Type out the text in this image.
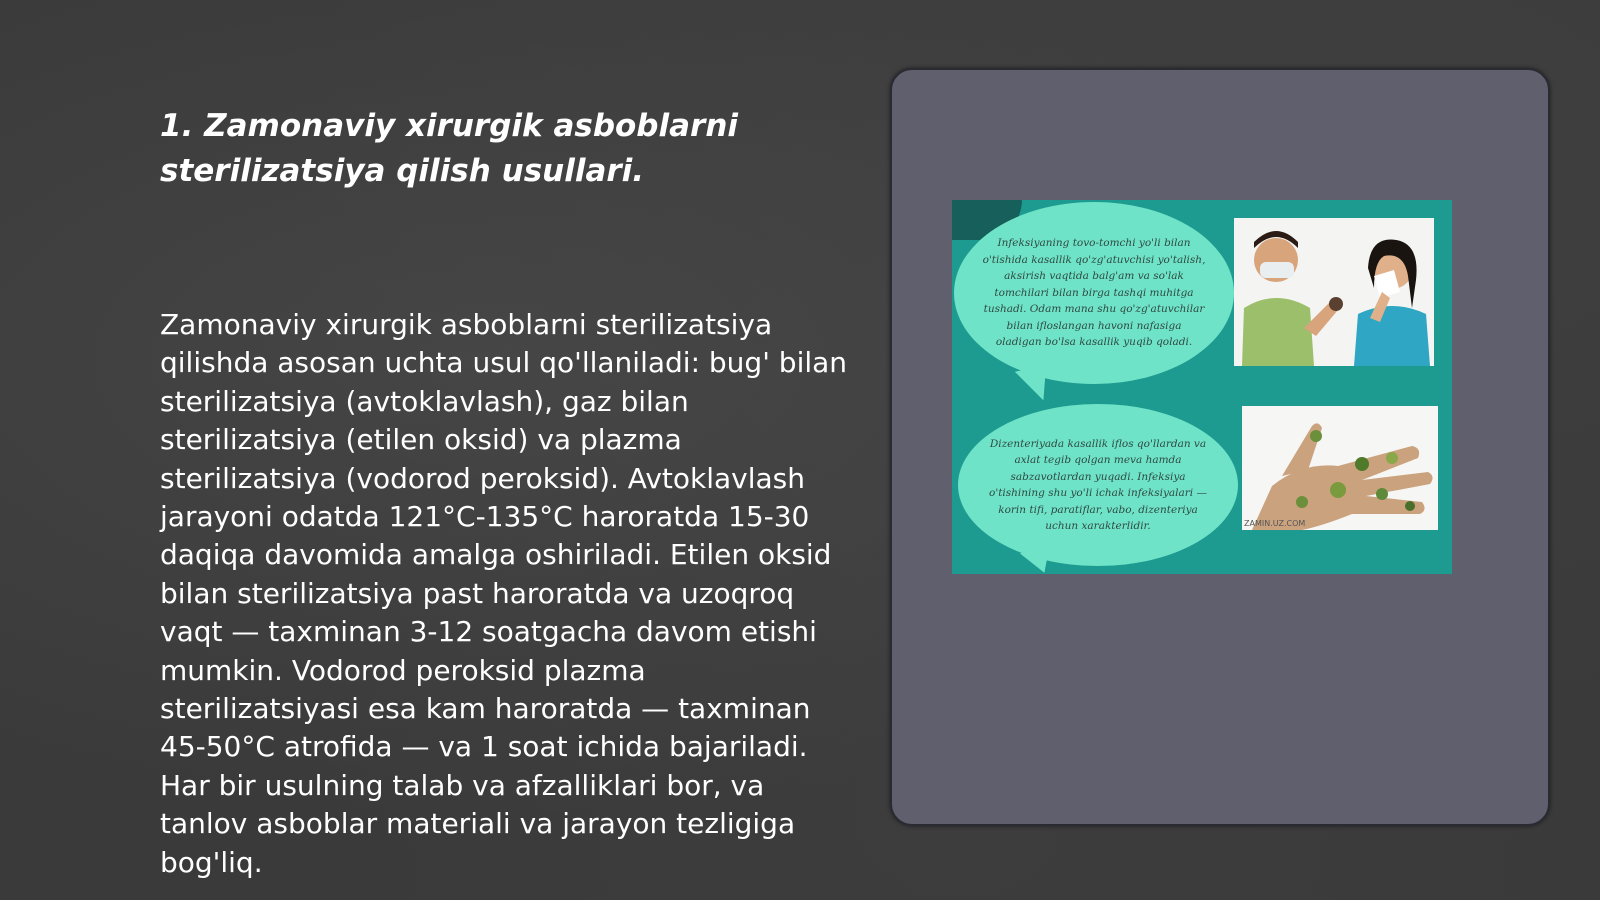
1. Zamonaviy xirurgik asboblarni sterilizatsiya qilish usullari.

Zamonaviy xirurgik asboblarni sterilizatsiya qilishda asosan uchta usul qo'llaniladi: bug' bilan sterilizatsiya (avtoklavlash), gaz bilan sterilizatsiya (etilen oksid) va plazma sterilizatsiya (vodorod peroksid). Avtoklavlash jarayoni odatda 121°C-135°C haroratda 15-30 daqiqa davomida amalga oshiriladi. Etilen oksid bilan sterilizatsiya past haroratda va uzoqroq vaqt — taxminan 3-12 soatgacha davom etishi mumkin. Vodorod peroksid plazma sterilizatsiyasi esa kam haroratda — taxminan 45-50°C atrofida — va 1 soat ichida bajariladi. Har bir usulning talab va afzalliklari bor, va tanlov asboblar materiali va jarayon tezligiga bog'liq.

Infeksiyaning tovo-tomchi yo'li bilan o'tishida kasallik qo'zg'atuvchisi yo'talish, aksirish vaqtida balg'am va so'lak tomchilari bilan birga tashqi muhitga tushadi. Odam mana shu qo'zg'atuvchilar bilan ifloslangan havoni nafasiga oladigan bo'lsa kasallik yuqib qoladi.
Dizenteriyada kasallik iflos qo'llardan va axlat tegib qolgan meva hamda sabzavotlardan yuqadi. Infeksiya o'tishining shu yo'li ichak infeksiyalari — korin tifi, paratiflar, vabo, dizenteriya uchun xarakterlidir.	ZAMIN.UZ.COM
